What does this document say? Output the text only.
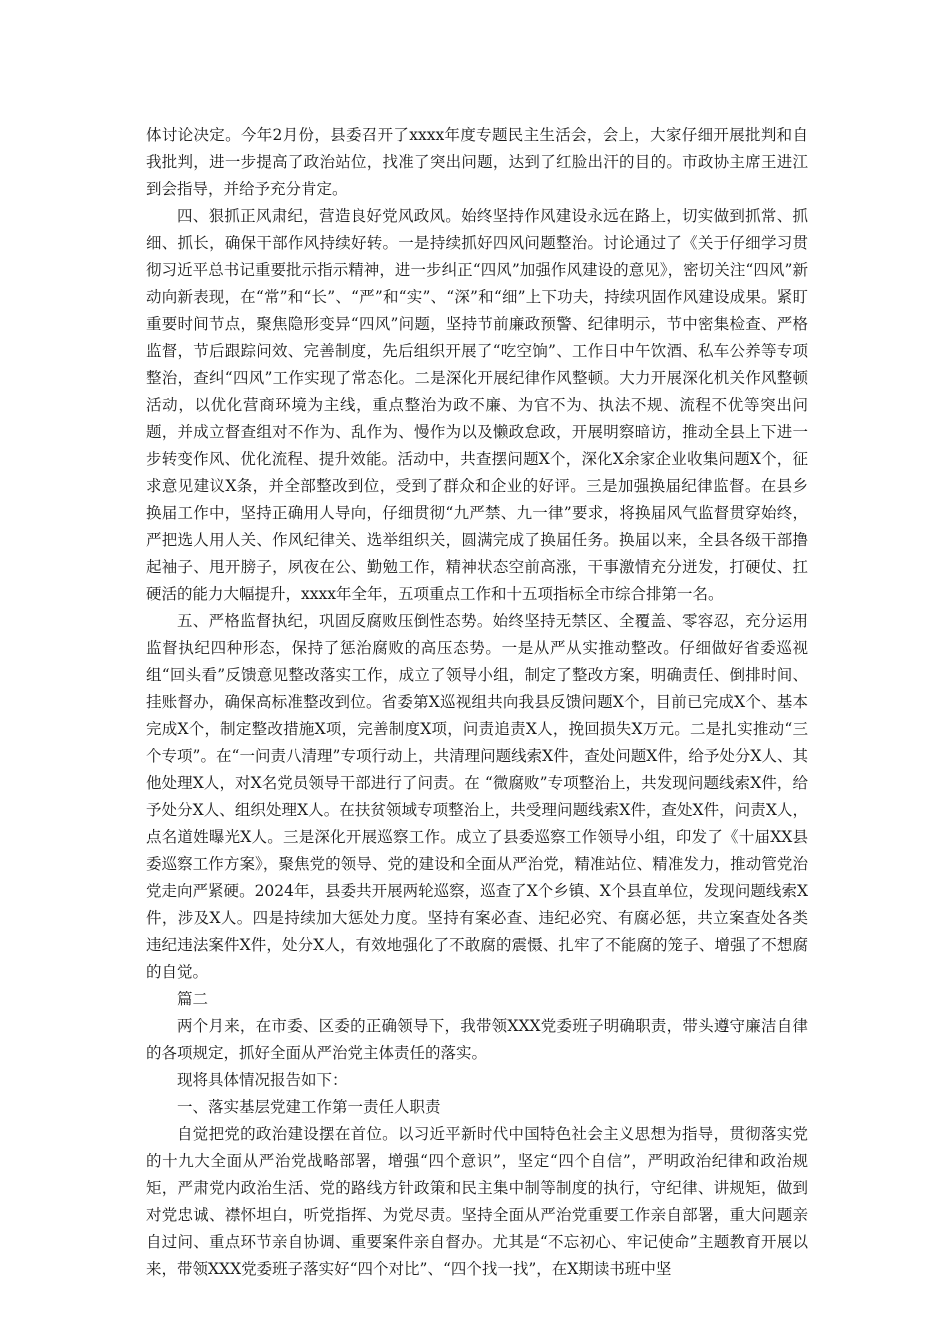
体讨论决定。今年2月份，县委召开了xxxx年度专题民主生活会，会上，大家仔细开展批判和自我批判，进一步提高了政治站位，找准了突出问题，达到了红脸出汗的目的。市政协主席王进江到会指导，并给予充分肯定。

四、狠抓正风肃纪，营造良好党风政风。始终坚持作风建设永远在路上，切实做到抓常、抓细、抓长，确保干部作风持续好转。一是持续抓好四风问题整治。讨论通过了《关于仔细学习贯彻习近平总书记重要批示指示精神，进一步纠正“四风”加强作风建设的意见》，密切关注“四风”新动向新表现，在“常”和“长”、“严”和“实”、“深”和“细”上下功夫，持续巩固作风建设成果。紧盯重要时间节点，聚焦隐形变异“四风”问题，坚持节前廉政预警、纪律明示，节中密集检查、严格监督，节后跟踪问效、完善制度，先后组织开展了“吃空饷”、工作日中午饮酒、私车公养等专项整治，查纠“四风”工作实现了常态化。二是深化开展纪律作风整顿。大力开展深化机关作风整顿活动，以优化营商环境为主线，重点整治为政不廉、为官不为、执法不规、流程不优等突出问题，并成立督查组对不作为、乱作为、慢作为以及懒政怠政，开展明察暗访，推动全县上下进一步转变作风、优化流程、提升效能。活动中，共查摆问题X个，深化X余家企业收集问题X个，征求意见建议X条，并全部整改到位，受到了群众和企业的好评。三是加强换届纪律监督。在县乡换届工作中，坚持正确用人导向，仔细贯彻“九严禁、九一律”要求，将换届风气监督贯穿始终，严把选人用人关、作风纪律关、选举组织关，圆满完成了换届任务。换届以来，全县各级干部撸起袖子、甩开膀子，夙夜在公、勤勉工作，精神状态空前高涨，干事激情充分迸发，打硬仗、扛硬活的能力大幅提升，xxxx年全年，五项重点工作和十五项指标全市综合排第一名。

五、严格监督执纪，巩固反腐败压倒性态势。始终坚持无禁区、全覆盖、零容忍，充分运用监督执纪四种形态，保持了惩治腐败的高压态势。一是从严从实推动整改。仔细做好省委巡视组“回头看”反馈意见整改落实工作，成立了领导小组，制定了整改方案，明确责任、倒排时间、挂账督办，确保高标准整改到位。省委第X巡视组共向我县反馈问题X个，目前已完成X个、基本完成X个，制定整改措施X项，完善制度X项，问责追责X人，挽回损失X万元。二是扎实推动“三个专项”。在“一问责八清理”专项行动上，共清理问题线索X件，查处问题X件，给予处分X人、其他处理X人，对X名党员领导干部进行了问责。在 “微腐败”专项整治上，共发现问题线索X件，给予处分X人、组织处理X人。在扶贫领域专项整治上，共受理问题线索X件，查处X件，问责X人，点名道姓曝光X人。三是深化开展巡察工作。成立了县委巡察工作领导小组，印发了《十届XX县委巡察工作方案》，聚焦党的领导、党的建设和全面从严治党，精准站位、精准发力，推动管党治党走向严紧硬。2024年，县委共开展两轮巡察，巡查了X个乡镇、X个县直单位，发现问题线索X件，涉及X人。四是持续加大惩处力度。坚持有案必查、违纪必究、有腐必惩，共立案查处各类违纪违法案件X件，处分X人，有效地强化了不敢腐的震慑、扎牢了不能腐的笼子、增强了不想腐的自觉。

篇二

两个月来，在市委、区委的正确领导下，我带领XXX党委班子明确职责，带头遵守廉洁自律的各项规定，抓好全面从严治党主体责任的落实。

现将具体情况报告如下：

一、落实基层党建工作第一责任人职责

自觉把党的政治建设摆在首位。以习近平新时代中国特色社会主义思想为指导，贯彻落实党的十九大全面从严治党战略部署，增强“四个意识”，坚定“四个自信”，严明政治纪律和政治规矩，严肃党内政治生活、党的路线方针政策和民主集中制等制度的执行，守纪律、讲规矩，做到对党忠诚、襟怀坦白，听党指挥、为党尽责。坚持全面从严治党重要工作亲自部署，重大问题亲自过问、重点环节亲自协调、重要案件亲自督办。尤其是“不忘初心、牢记使命”主题教育开展以来，带领XXX党委班子落实好“四个对比”、“四个找一找”，在X期读书班中坚
